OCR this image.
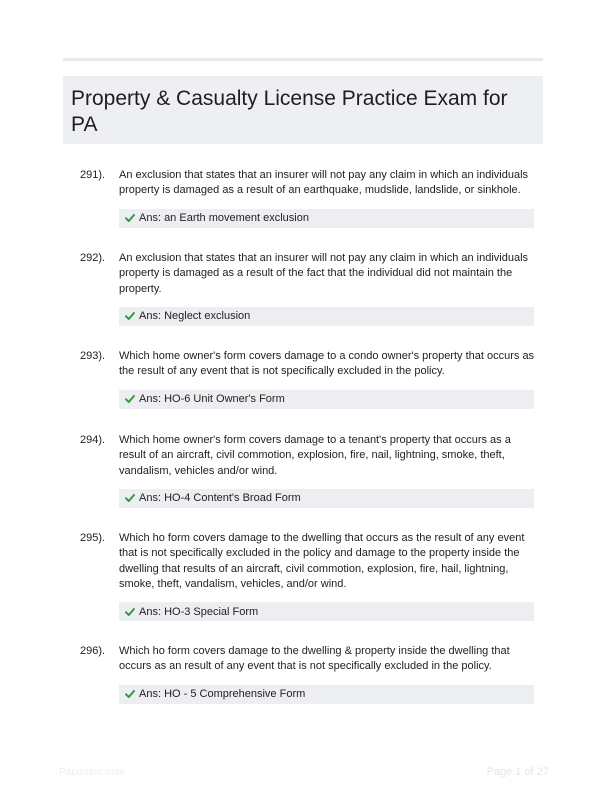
Property & Casualty License Practice Exam for PA
291). An exclusion that states that an insurer will not pay any claim in which an individuals property is damaged as a result of an earthquake, mudslide, landslide, or sinkhole.
Ans: an Earth movement exclusion
292). An exclusion that states that an insurer will not pay any claim in which an individuals property is damaged as a result of the fact that the individual did not maintain the property.
Ans: Neglect exclusion
293). Which home owner's form covers damage to a condo owner's property that occurs as the result of any event that is not specifically excluded in the policy.
Ans: HO-6 Unit Owner's Form
294). Which home owner's form covers damage to a tenant's property that occurs as a result of an aircraft, civil commotion, explosion, fire, nail, lightning, smoke, theft, vandalism, vehicles and/or wind.
Ans: HO-4 Content's Broad Form
295). Which ho form covers damage to the dwelling that occurs as the result of any event that is not specifically excluded in the policy and damage to the property inside the dwelling that results of an aircraft, civil commotion, explosion, fire, hail, lightning, smoke, theft, vandalism, vehicles, and/or wind.
Ans: HO-3 Special Form
296). Which ho form covers damage to the dwelling & property inside the dwelling that occurs as an result of any event that is not specifically excluded in the policy.
Ans: HO - 5 Comprehensive Form
Papertibic.com	Page 1 of 27
